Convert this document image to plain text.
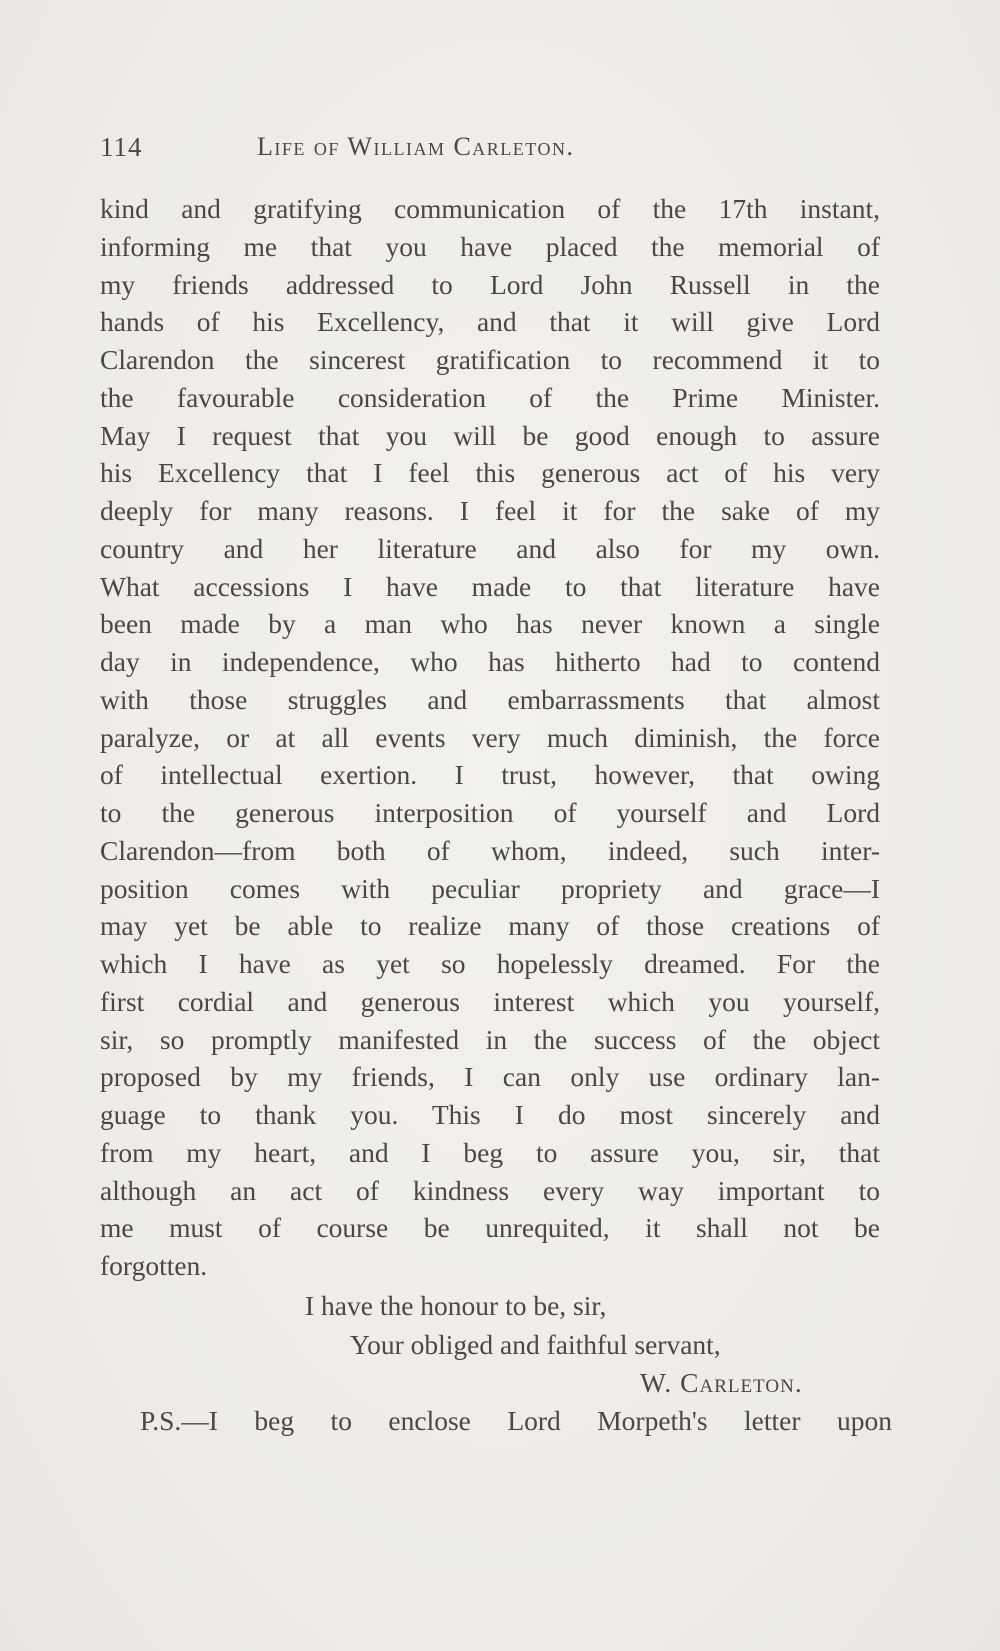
114	Life of William Carleton.
kind and gratifying communication of the 17th instant,
informing me that you have placed the memorial of
my friends addressed to Lord John Russell in the
hands of his Excellency, and that it will give Lord
Clarendon the sincerest gratification to recommend it to
the favourable consideration of the Prime Minister.
May I request that you will be good enough to assure
his Excellency that I feel this generous act of his very
deeply for many reasons. I feel it for the sake of my
country and her literature and also for my own.
What accessions I have made to that literature have
been made by a man who has never known a single
day in independence, who has hitherto had to contend
with those struggles and embarrassments that almost
paralyze, or at all events very much diminish, the force
of intellectual exertion. I trust, however, that owing
to the generous interposition of yourself and Lord
Clarendon—from both of whom, indeed, such inter-
position comes with peculiar propriety and grace—I
may yet be able to realize many of those creations of
which I have as yet so hopelessly dreamed. For the
first cordial and generous interest which you yourself,
sir, so promptly manifested in the success of the object
proposed by my friends, I can only use ordinary lan-
guage to thank you. This I do most sincerely and
from my heart, and I beg to assure you, sir, that
although an act of kindness every way important to
me must of course be unrequited, it shall not be
forgotten.
I have the honour to be, sir,
Your obliged and faithful servant,
W. Carleton.
P.S.—I beg to enclose Lord Morpeth's letter upon
